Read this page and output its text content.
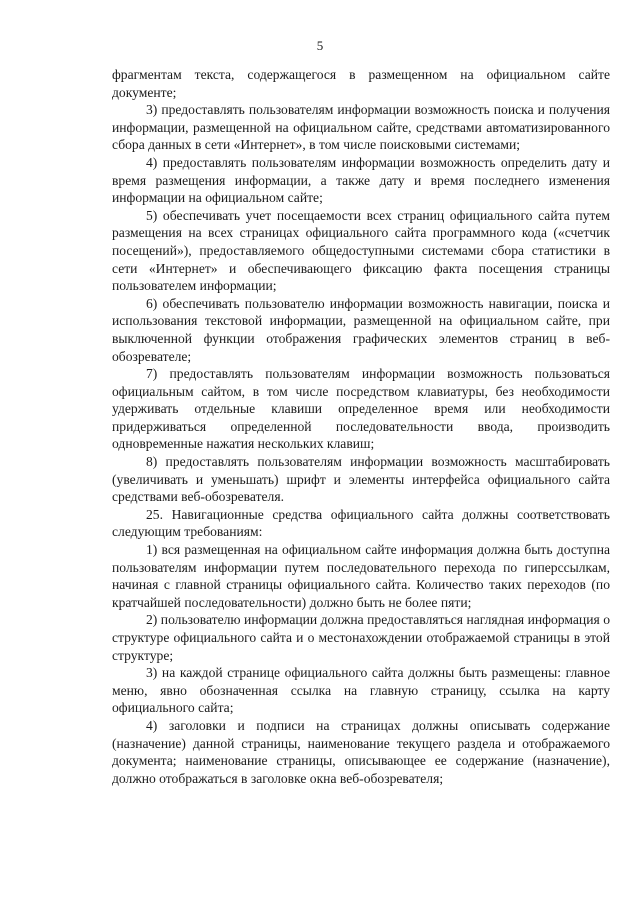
5

фрагментам текста, содержащегося в размещенном на официальном сайте документе;

3) предоставлять пользователям информации возможность поиска и получения информации, размещенной на официальном сайте, средствами автоматизированного сбора данных в сети «Интернет», в том числе поисковыми системами;

4) предоставлять пользователям информации возможность определить дату и время размещения информации, а также дату и время последнего изменения информации на официальном сайте;

5) обеспечивать учет посещаемости всех страниц официального сайта путем размещения на всех страницах официального сайта программного кода («счетчик посещений»), предоставляемого общедоступными системами сбора статистики в сети «Интернет» и обеспечивающего фиксацию факта посещения страницы пользователем информации;

6) обеспечивать пользователю информации возможность навигации, поиска и использования текстовой информации, размещенной на официальном сайте, при выключенной функции отображения графических элементов страниц в веб-обозревателе;

7) предоставлять пользователям информации возможность пользоваться официальным сайтом, в том числе посредством клавиатуры, без необходимости удерживать отдельные клавиши определенное время или необходимости придерживаться определенной последовательности ввода, производить одновременные нажатия нескольких клавиш;

8) предоставлять пользователям информации возможность масштабировать (увеличивать и уменьшать) шрифт и элементы интерфейса официального сайта средствами веб-обозревателя.

25. Навигационные средства официального сайта должны соответствовать следующим требованиям:

1) вся размещенная на официальном сайте информация должна быть доступна пользователям информации путем последовательного перехода по гиперссылкам, начиная с главной страницы официального сайта. Количество таких переходов (по кратчайшей последовательности) должно быть не более пяти;

2) пользователю информации должна предоставляться наглядная информация о структуре официального сайта и о местонахождении отображаемой страницы в этой структуре;

3) на каждой странице официального сайта должны быть размещены: главное меню, явно обозначенная ссылка на главную страницу, ссылка на карту официального сайта;

4) заголовки и подписи на страницах должны описывать содержание (назначение) данной страницы, наименование текущего раздела и отображаемого документа; наименование страницы, описывающее ее содержание (назначение), должно отображаться в заголовке окна веб-обозревателя;
